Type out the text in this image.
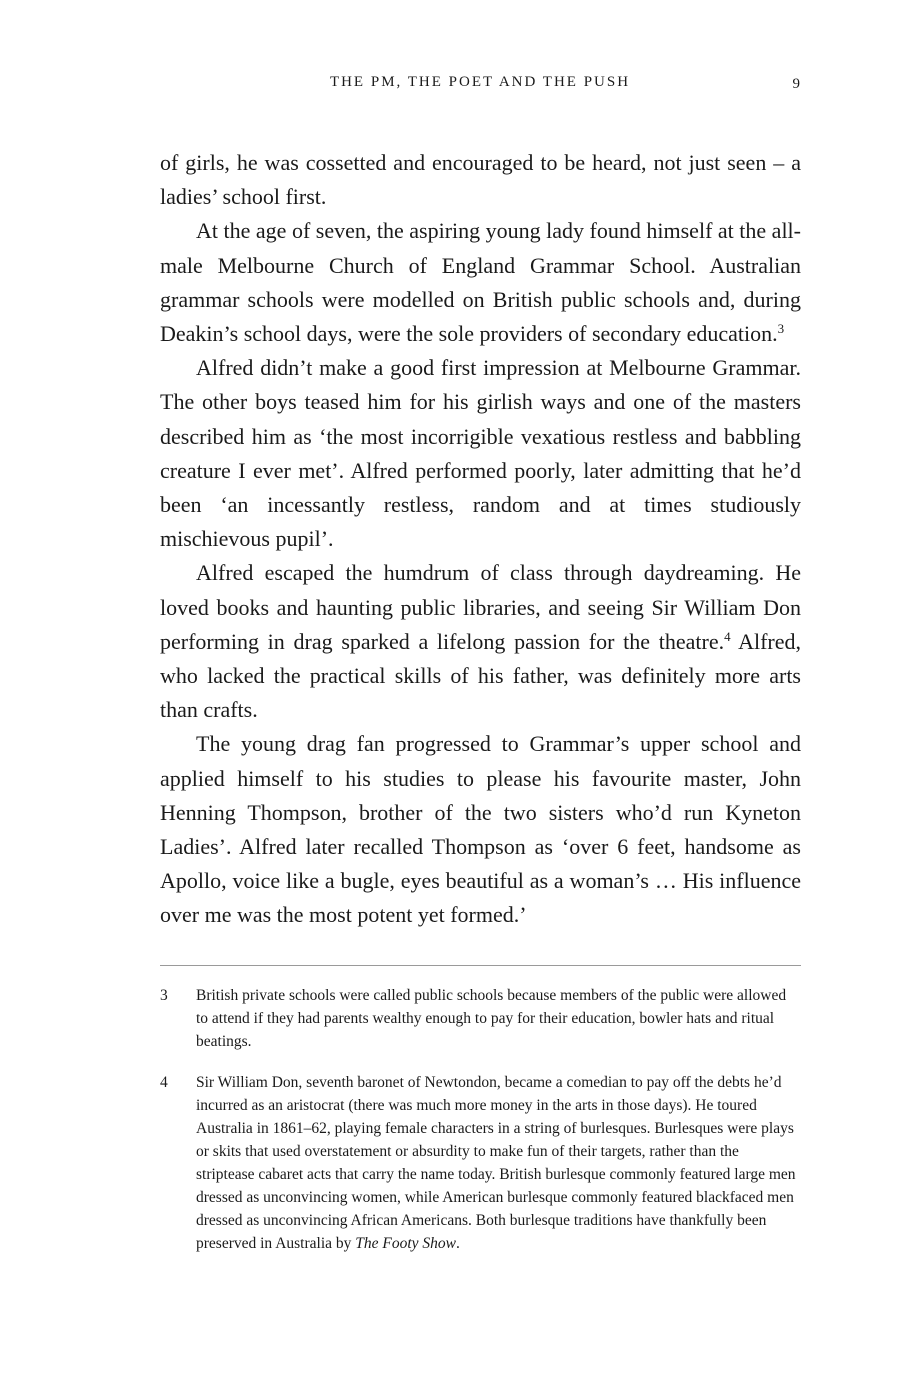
THE PM, THE POET AND THE PUSH	9

of girls, he was cossetted and encouraged to be heard, not just seen – a ladies’ school first.

At the age of seven, the aspiring young lady found himself at the all-male Melbourne Church of England Grammar School. Australian grammar schools were modelled on British public schools and, during Deakin’s school days, were the sole providers of secondary education.$^3$

Alfred didn’t make a good first impression at Melbourne Grammar. The other boys teased him for his girlish ways and one of the masters described him as ‘the most incorrigible vexatious restless and babbling creature I ever met’. Alfred performed poorly, later admitting that he’d been ‘an incessantly restless, random and at times studiously mischievous pupil’.

Alfred escaped the humdrum of class through daydreaming. He loved books and haunting public libraries, and seeing Sir William Don performing in drag sparked a lifelong passion for the theatre.$^4$ Alfred, who lacked the practical skills of his father, was definitely more arts than crafts.

The young drag fan progressed to Grammar’s upper school and applied himself to his studies to please his favourite master, John Henning Thompson, brother of the two sisters who’d run Kyneton Ladies’. Alfred later recalled Thompson as ‘over 6 feet, handsome as Apollo, voice like a bugle, eyes beautiful as a woman’s … His influence over me was the most potent yet formed.’

3 British private schools were called public schools because members of the public were allowed to attend if they had parents wealthy enough to pay for their education, bowler hats and ritual beatings.
4 Sir William Don, seventh baronet of Newtondon, became a comedian to pay off the debts he’d incurred as an aristocrat (there was much more money in the arts in those days). He toured Australia in 1861–62, playing female characters in a string of burlesques. Burlesques were plays or skits that used overstatement or absurdity to make fun of their targets, rather than the striptease cabaret acts that carry the name today. British burlesque commonly featured large men dressed as unconvincing women, while American burlesque commonly featured blackfaced men dressed as unconvincing African Americans. Both burlesque traditions have thankfully been preserved in Australia by The Footy Show.
